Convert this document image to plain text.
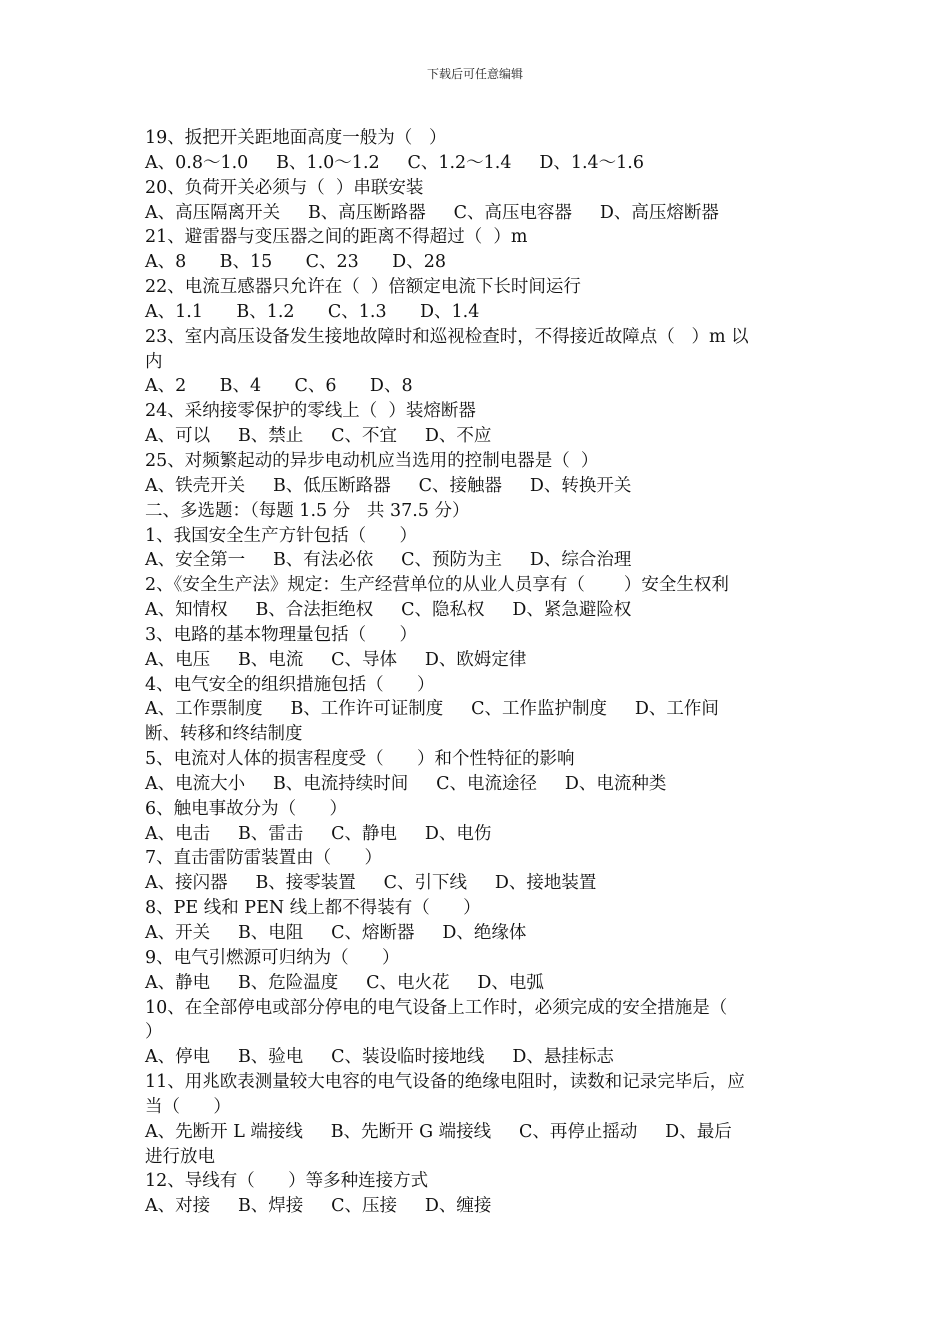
下载后可任意编辑
19、扳把开关距地面高度一般为（   ）
A、0.8～1.0     B、1.0～1.2     C、1.2～1.4     D、1.4～1.6
20、负荷开关必须与（  ）串联安装
A、高压隔离开关     B、高压断路器     C、高压电容器     D、高压熔断器
21、避雷器与变压器之间的距离不得超过（  ）m
A、8      B、15      C、23      D、28
22、电流互感器只允许在（  ）倍额定电流下长时间运行
A、1.1      B、1.2      C、1.3      D、1.4
23、室内高压设备发生接地故障时和巡视检查时，不得接近故障点（   ）m 以
内
A、2      B、4      C、6      D、8
24、采纳接零保护的零线上（  ）装熔断器
A、可以     B、禁止     C、不宜     D、不应
25、对频繁起动的异步电动机应当选用的控制电器是（  ）
A、铁壳开关     B、低压断路器     C、接触器     D、转换开关
二、多选题：（每题 1.5 分   共 37.5 分）
1、我国安全生产方针包括（      ）
A、安全第一     B、有法必依     C、预防为主     D、综合治理
2、《安全生产法》规定：生产经营单位的从业人员享有（       ）安全生权利
A、知情权     B、合法拒绝权     C、隐私权     D、紧急避险权
3、电路的基本物理量包括（      ）
A、电压     B、电流     C、导体     D、欧姆定律
4、电气安全的组织措施包括（      ）
A、工作票制度     B、工作许可证制度     C、工作监护制度     D、工作间
断、转移和终结制度
5、电流对人体的损害程度受（      ）和个性特征的影响
A、电流大小     B、电流持续时间     C、电流途径     D、电流种类
6、触电事故分为（      ）
A、电击     B、雷击     C、静电     D、电伤
7、直击雷防雷装置由（      ）
A、接闪器     B、接零装置     C、引下线     D、接地装置
8、PE 线和 PEN 线上都不得装有（      ）
A、开关     B、电阻     C、熔断器     D、绝缘体
9、电气引燃源可归纳为（      ）
A、静电     B、危险温度     C、电火花     D、电弧
10、在全部停电或部分停电的电气设备上工作时，必须完成的安全措施是（
）
A、停电     B、验电     C、装设临时接地线     D、悬挂标志
11、用兆欧表测量较大电容的电气设备的绝缘电阻时，读数和记录完毕后，应
当（      ）
A、先断开 L 端接线     B、先断开 G 端接线     C、再停止摇动     D、最后
进行放电
12、导线有（      ）等多种连接方式
A、对接     B、焊接     C、压接     D、缠接
